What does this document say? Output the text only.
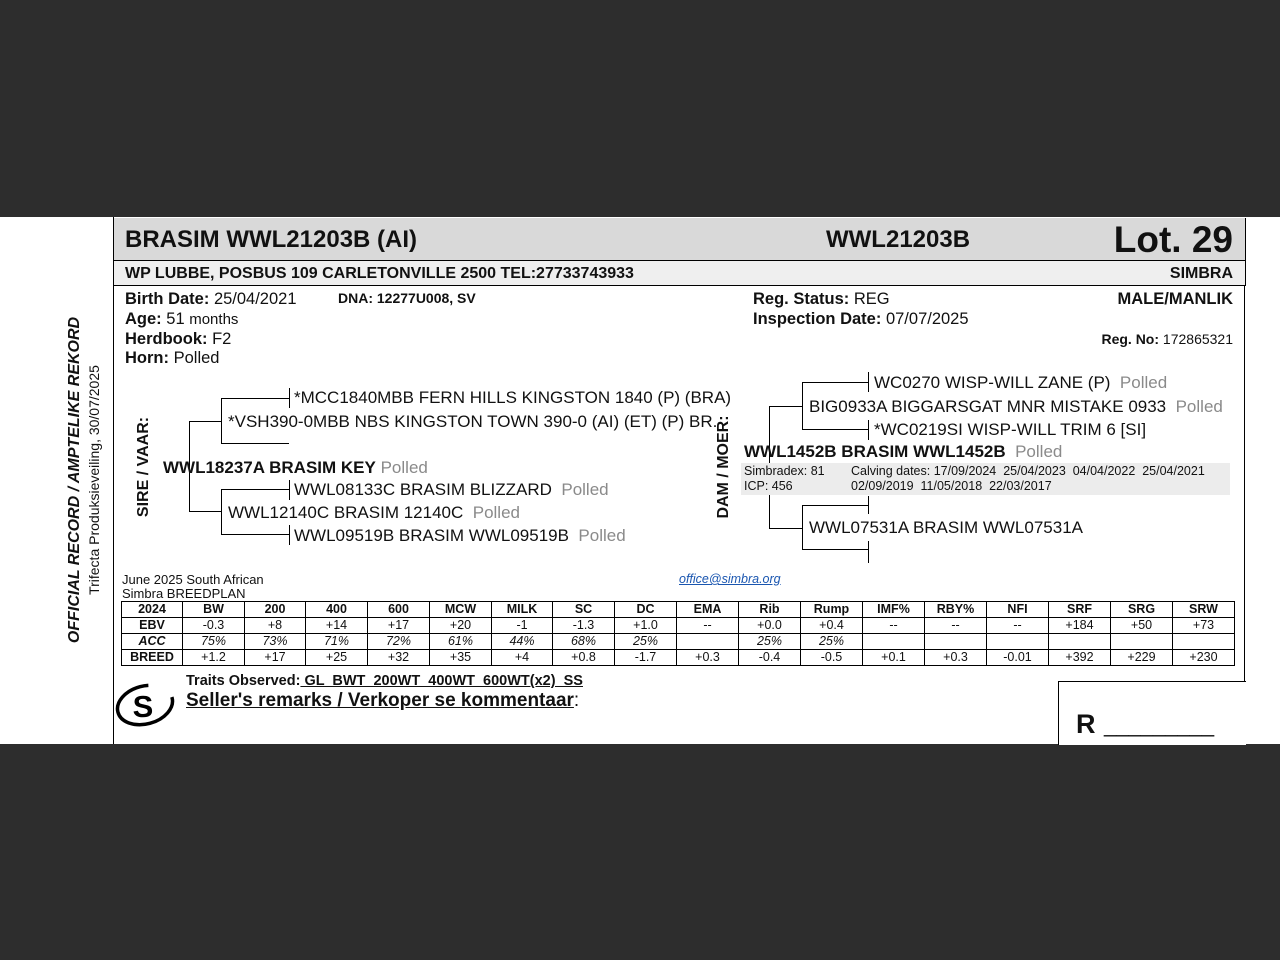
BRASIM WWL21203B (AI)	WWL21203B	Lot. 29
WP LUBBE, POSBUS 109 CARLETONVILLE 2500 TEL:27733743933	SIMBRA
OFFICIAL RECORD / AMPTELIKE REKORD Trifecta Produksieveiling, 30/07/2025
Birth Date: 25/04/2021	DNA: 12277U008, SV
Age: 51 months
Herdbook: F2
Horn: Polled
Reg. Status: REG
Inspection Date: 07/07/2025
MALE/MANLIK
Reg. No: 172865321
SIRE / VAAR:
*MCC1840MBB FERN HILLS KINGSTON 1840 (P) (BRA)
*VSH390-0MBB NBS KINGSTON TOWN 390-0 (AI) (ET) (P) BR.
WWL18237A BRASIM KEY Polled
WWL08133C BRASIM BLIZZARD Polled
WWL12140C BRASIM 12140C Polled
WWL09519B BRASIM WWL09519B Polled
DAM / MOER:
WC0270 WISP-WILL ZANE (P) Polled
BIG0933A BIGGARSGAT MNR MISTAKE 0933 Polled
*WC0219SI WISP-WILL TRIM 6 [SI]
WWL1452B BRASIM WWL1452B Polled
Simbradex: 81
ICP: 456
Calving dates: 17/09/2024  25/04/2023  04/04/2022  25/04/2021
02/09/2019  11/05/2018  22/03/2017
WWL07531A BRASIM WWL07531A
June 2025 South African
Simbra BREEDPLAN
office@simbra.org
2024	BW	200	400	600	MCW	MILK	SC	DC	EMA	Rib	Rump	IMF%	RBY%	NFI	SRF	SRG	SRW
EBV	-0.3	+8	+14	+17	+20	-1	-1.3	+1.0	--	+0.0	+0.4	--	--	--	+184	+50	+73
ACC	75%	73%	71%	72%	61%	44%	68%	25%		25%	25%						
BREED	+1.2	+17	+25	+32	+35	+4	+0.8	-1.7	+0.3	-0.4	-0.5	+0.1	+0.3	-0.01	+392	+229	+230
S
Traits Observed: GL  BWT  200WT  400WT  600WT(x2)  SS
Seller's remarks / Verkoper se kommentaar:
R _________
